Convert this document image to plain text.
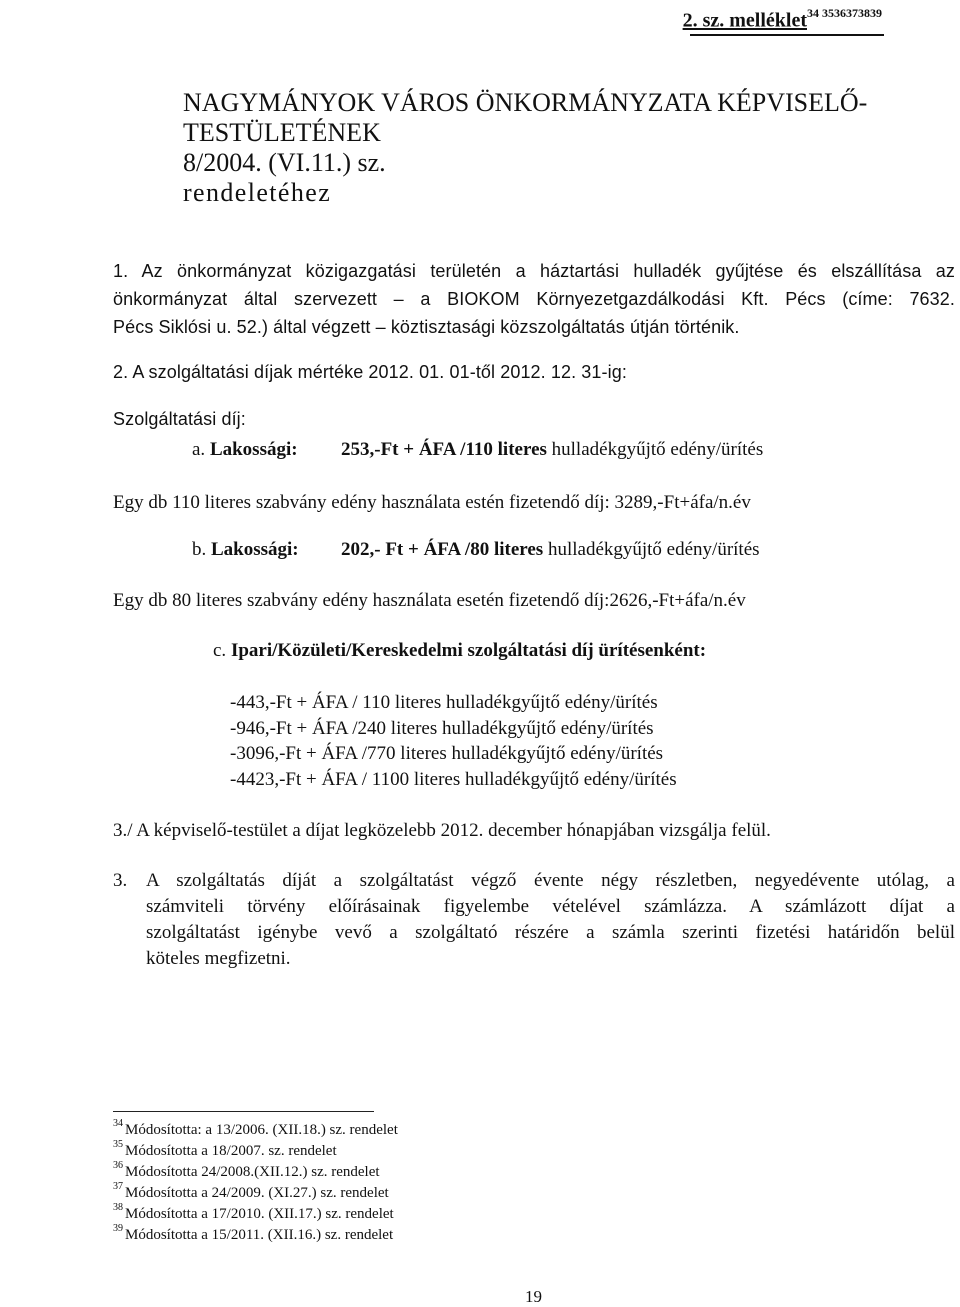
2. sz. melléklet$^{34 3536373839}$
NAGYMÁNYOK VÁROS ÖNKORMÁNYZATA KÉPVISELŐ-
TESTÜLETÉNEK
8/2004. (VI.11.) sz.
rendeletéhez
1. Az önkormányzat közigazgatási területén a háztartási hulladék gyűjtése és elszállítása az
önkormányzat által szervezett – a BIOKOM Környezetgazdálkodási Kft. Pécs (címe: 7632.
Pécs Siklósi u. 52.) által végzett – köztisztasági közszolgáltatás útján történik.
2. A szolgáltatási díjak mértéke 2012. 01. 01-től 2012. 12. 31-ig:
Szolgáltatási díj:
a. Lakossági: 253,-Ft + ÁFA /110 literes hulladékgyűjtő edény/ürítés
Egy db 110 literes szabvány edény használata estén fizetendő díj: 3289,-Ft+áfa/n.év
b. Lakossági: 202,- Ft + ÁFA /80 literes hulladékgyűjtő edény/ürítés
Egy db 80 literes szabvány edény használata esetén fizetendő díj:2626,-Ft+áfa/n.év
c. Ipari/Közületi/Kereskedelmi szolgáltatási díj ürítésenként:
-443,-Ft + ÁFA / 110 literes hulladékgyűjtő edény/ürítés
-946,-Ft + ÁFA /240 literes hulladékgyűjtő edény/ürítés
-3096,-Ft + ÁFA /770 literes hulladékgyűjtő edény/ürítés
-4423,-Ft + ÁFA / 1100 literes hulladékgyűjtő edény/ürítés
3./ A képviselő-testület a díjat legközelebb 2012. december hónapjában vizsgálja felül.
3. A szolgáltatás díját a szolgáltatást végző évente négy részletben, negyedévente utólag, a
számviteli törvény előírásainak figyelembe vételével számlázza. A számlázott díjat a
szolgáltatást igénybe vevő a szolgáltató részére a számla szerinti fizetési határidőn belül
köteles megfizetni.
$^{34}$ Módosította: a 13/2006. (XII.18.) sz. rendelet
$^{35}$ Módosította a 18/2007. sz. rendelet
$^{36}$ Módosította 24/2008.(XII.12.) sz. rendelet
$^{37}$ Módosította a 24/2009. (XI.27.) sz. rendelet
$^{38}$ Módosította a 17/2010. (XII.17.) sz. rendelet
$^{39}$ Módosította a 15/2011. (XII.16.) sz. rendelet
19
